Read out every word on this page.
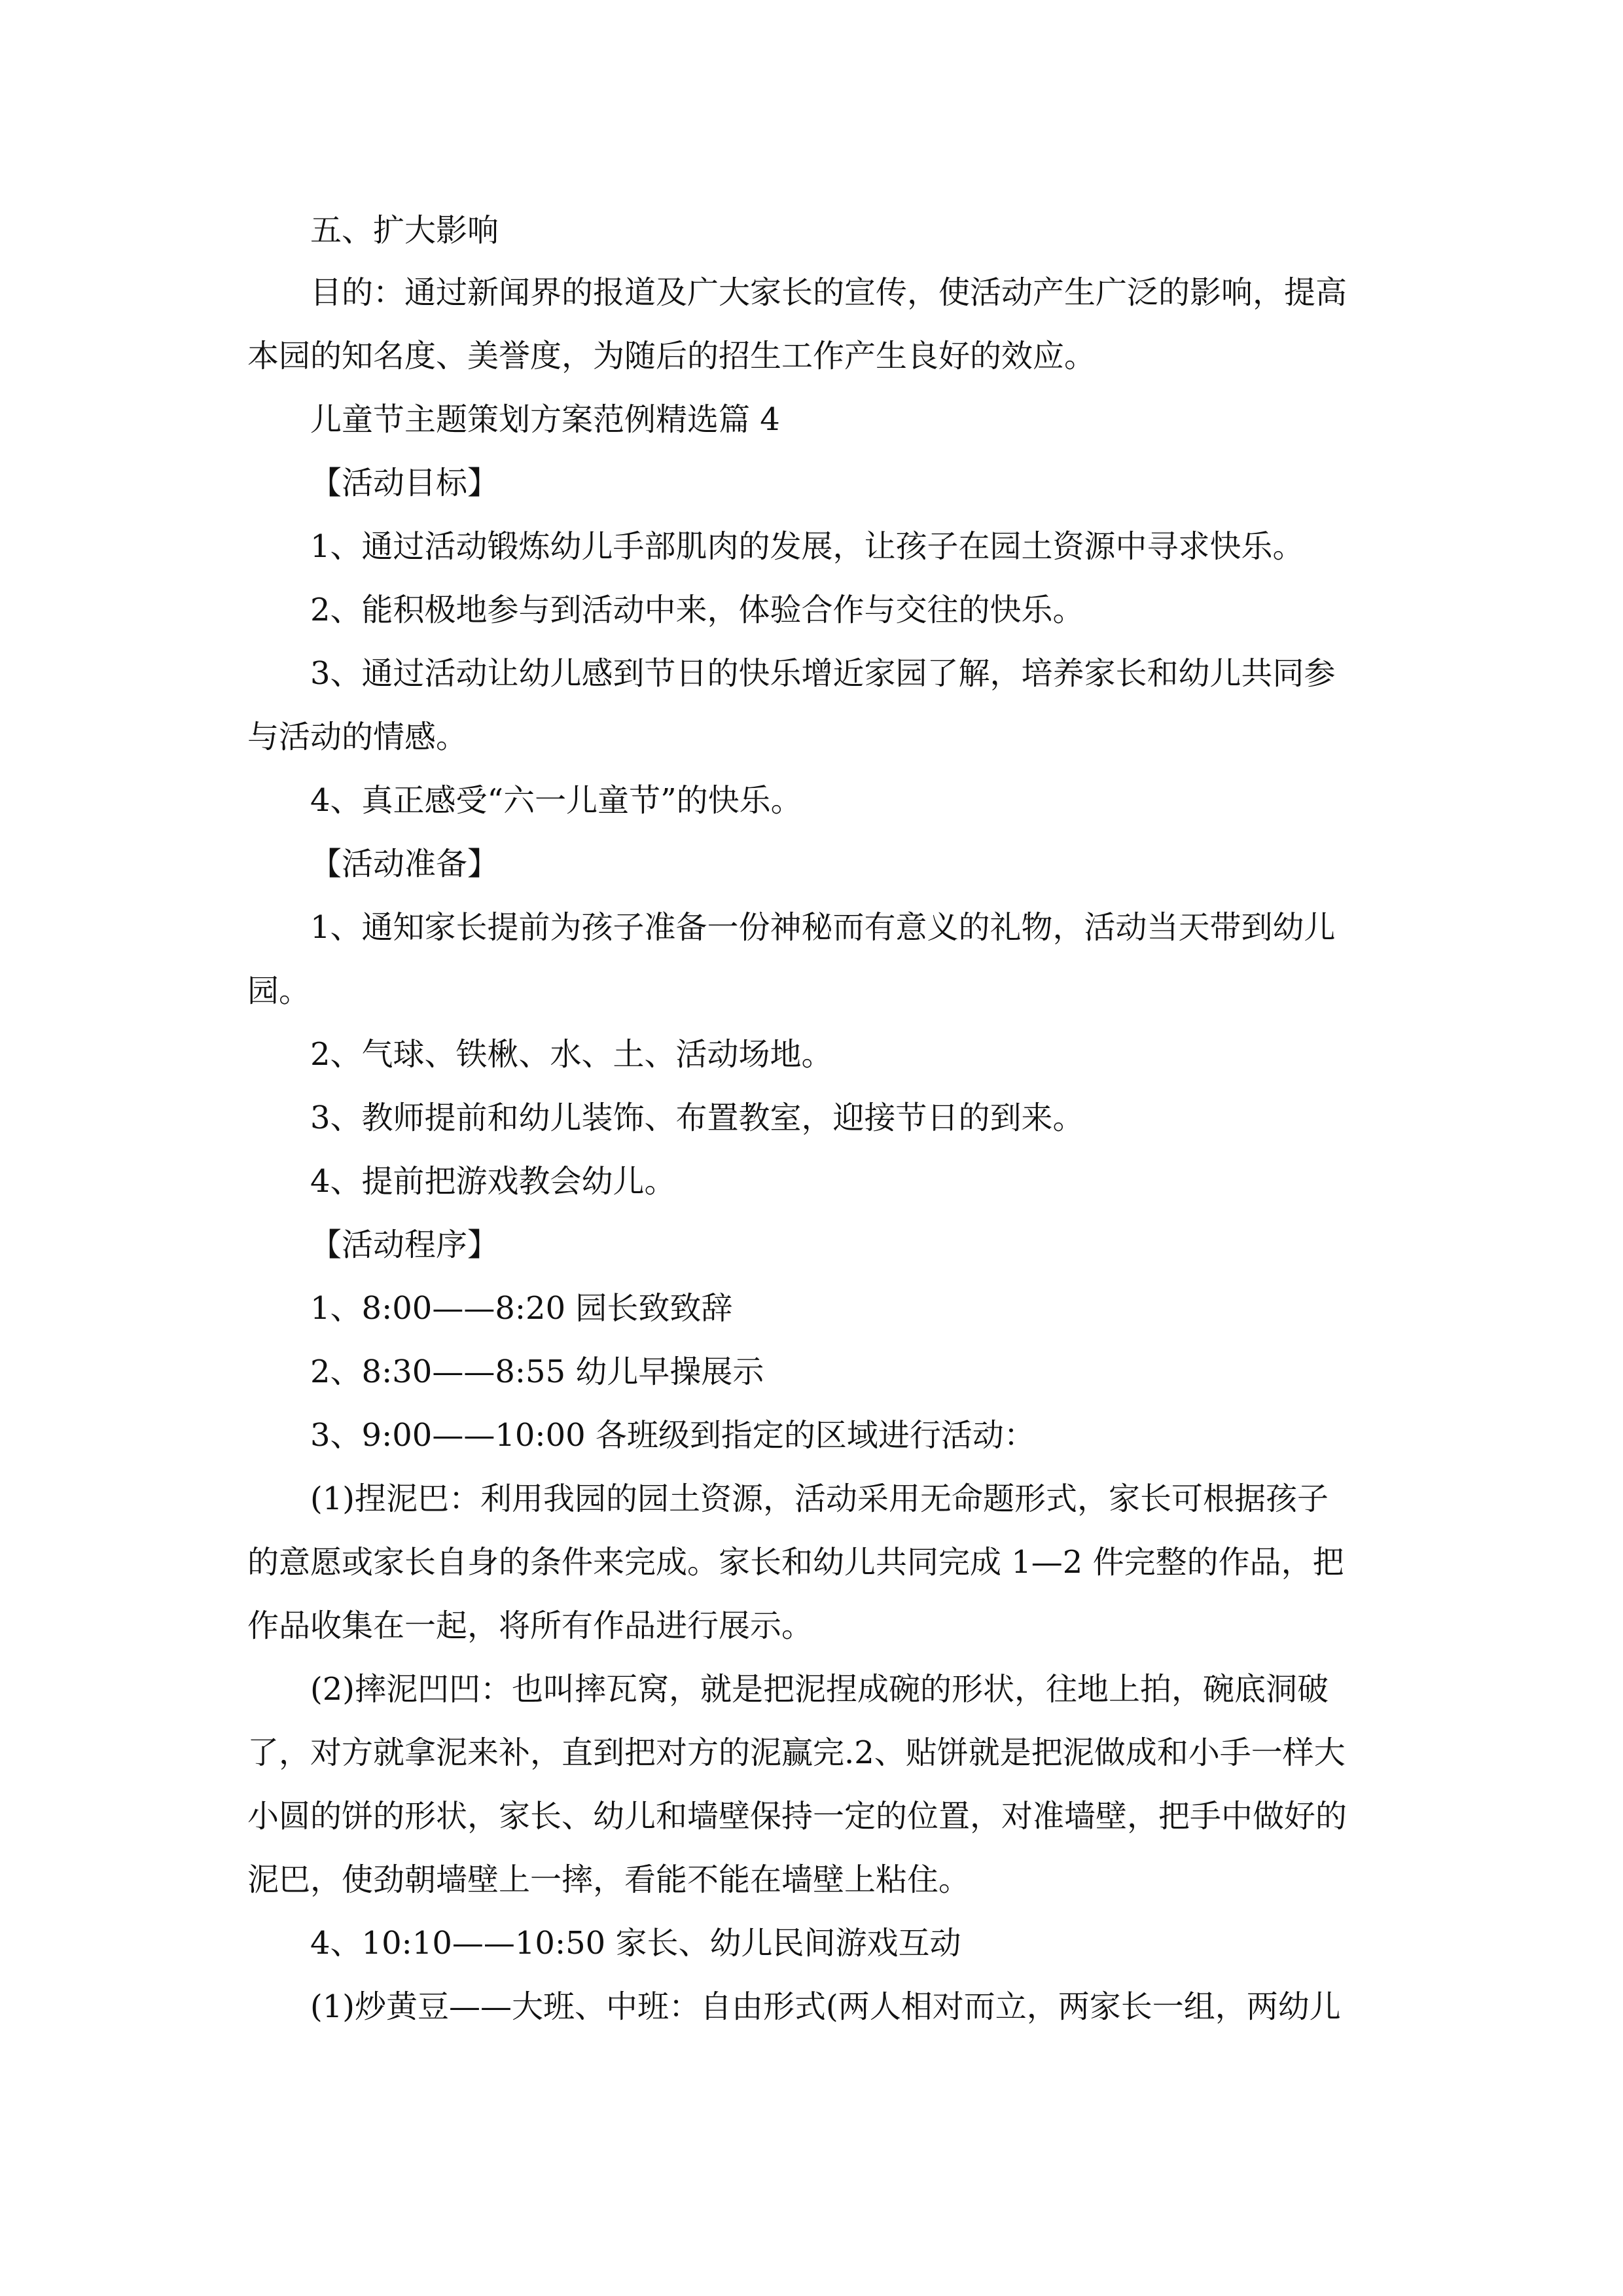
五、扩大影响
目的：通过新闻界的报道及广大家长的宣传，使活动产生广泛的影响，提高
本园的知名度、美誉度，为随后的招生工作产生良好的效应。
儿童节主题策划方案范例精选篇 4
【活动目标】
1、通过活动锻炼幼儿手部肌肉的发展，让孩子在园土资源中寻求快乐。
2、能积极地参与到活动中来，体验合作与交往的快乐。
3、通过活动让幼儿感到节日的快乐增近家园了解，培养家长和幼儿共同参
与活动的情感。
4、真正感受“六一儿童节”的快乐。
【活动准备】
1、通知家长提前为孩子准备一份神秘而有意义的礼物，活动当天带到幼儿
园。
2、气球、铁楸、水、土、活动场地。
3、教师提前和幼儿装饰、布置教室，迎接节日的到来。
4、提前把游戏教会幼儿。
【活动程序】
1、8:00——8:20 园长致致辞
2、8:30——8:55 幼儿早操展示
3、9:00——10:00 各班级到指定的区域进行活动：
(1)捏泥巴：利用我园的园土资源，活动采用无命题形式，家长可根据孩子
的意愿或家长自身的条件来完成。家长和幼儿共同完成 1—2 件完整的作品，把
作品收集在一起，将所有作品进行展示。
(2)摔泥凹凹：也叫摔瓦窝，就是把泥捏成碗的形状，往地上拍，碗底洞破
了，对方就拿泥来补，直到把对方的泥赢完.2、贴饼就是把泥做成和小手一样大
小圆的饼的形状，家长、幼儿和墙壁保持一定的位置，对准墙壁，把手中做好的
泥巴，使劲朝墙壁上一摔，看能不能在墙壁上粘住。
4、10:10——10:50 家长、幼儿民间游戏互动
(1)炒黄豆——大班、中班：自由形式(两人相对而立，两家长一组，两幼儿
